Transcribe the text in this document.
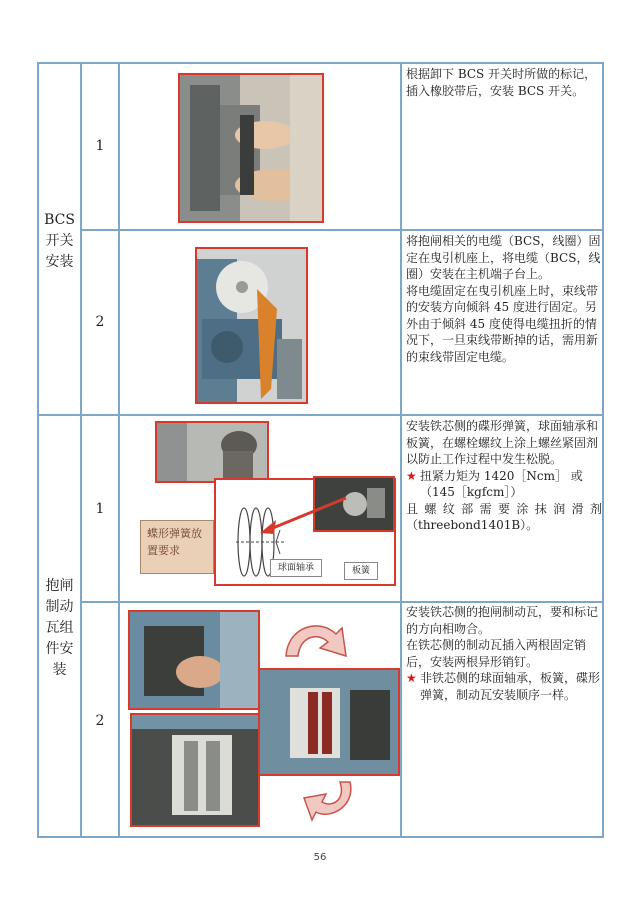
BCS
开关
安装
抱闸
制动
瓦组
件安
装
1
2
1
2
蝶形弹簧放置要求
球面轴承	板簧

根据卸下 BCS 开关时所做的标记，插入橡胶带后，安装 BCS 开关。

将抱闸相关的电缆（BCS，线圈）固定在曳引机座上，将电缆（BCS，线圈）安装在主机端子台上。

将电缆固定在曳引机座上时，束线带的安装方向倾斜 45 度进行固定。另外由于倾斜 45 度使得电缆扭折的情况下，一旦束线带断掉的话，需用新的束线带固定电缆。

安装铁芯侧的碟形弹簧，球面轴承和板簧，在螺栓螺纹上涂上螺丝紧固剂以防止工作过程中发生松脱。

★ 扭紧力矩为 1420［Ncm］ 或
（145［kgfcm］）

且 螺 纹 部 需 要 涂 抹 润 滑 剂

（threebond1401B）。

安装铁芯侧的抱闸制动瓦，要和标记的方向相吻合。

在铁芯侧的制动瓦插入两根固定销后，安装两根异形销钉。

★ 非铁芯侧的球面轴承，板簧，碟形弹簧，制动瓦安装顺序一样。
56
